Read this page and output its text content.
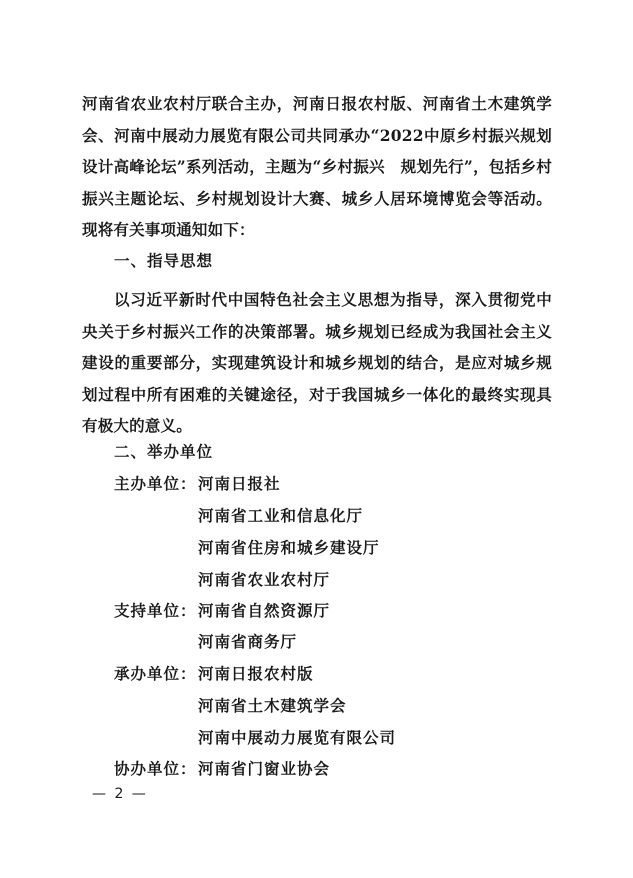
河南省农业农村厅联合主办，河南日报农村版、河南省土木建筑学会、河南中展动力展览有限公司共同承办“2022中原乡村振兴规划设计高峰论坛”系列活动，主题为“乡村振兴　规划先行”，包括乡村振兴主题论坛、乡村规划设计大赛、城乡人居环境博览会等活动。现将有关事项通知如下：
一、指导思想
以习近平新时代中国特色社会主义思想为指导，深入贯彻党中央关于乡村振兴工作的决策部署。城乡规划已经成为我国社会主义建设的重要部分，实现建筑设计和城乡规划的结合，是应对城乡规划过程中所有困难的关键途径，对于我国城乡一体化的最终实现具有极大的意义。
二、举办单位
主办单位： 河南日报社
河南省工业和信息化厅
河南省住房和城乡建设厅
河南省农业农村厅
支持单位： 河南省自然资源厅
河南省商务厅
承办单位： 河南日报农村版
河南省土木建筑学会
河南中展动力展览有限公司
协办单位： 河南省门窗业协会
— 2 —
